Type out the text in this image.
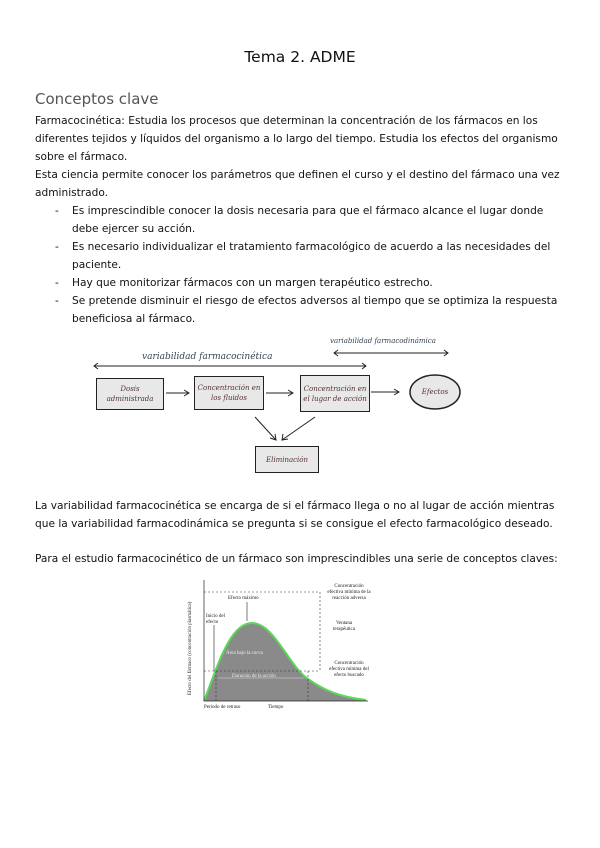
Tema 2. ADME
Conceptos clave
Farmacocinética: Estudia los procesos que determinan la concentración de los fármacos en los diferentes tejidos y líquidos del organismo a lo largo del tiempo. Estudia los efectos del organismo sobre el fármaco.
Esta ciencia permite conocer los parámetros que definen el curso y el destino del fármaco una vez administrado.
-	Es imprescindible conocer la dosis necesaria para que el fármaco alcance el lugar donde debe ejercer su acción.
-	Es necesario individualizar el tratamiento farmacológico de acuerdo a las necesidades del paciente.
-	Hay que monitorizar fármacos con un margen terapéutico estrecho.
-	Se pretende disminuir el riesgo de efectos adversos al tiempo que se optimiza la respuesta beneficiosa al fármaco.
variabilidad farmacocinética
variabilidad farmacodinámica
Dosis administrada
Concentración en los fluidos
Concentración en el lugar de acción
Efectos
Eliminación
La variabilidad farmacocinética se encarga de si el fármaco llega o no al lugar de acción mientras que la variabilidad farmacodinámica se pregunta si se consigue el efecto farmacológico deseado.
Para el estudio farmacocinético de un fármaco son imprescindibles una serie de conceptos claves:
Efecto del fármaco (concentración plasmática)
Periodo de retraso	Tiempo
Concentración efectiva mínima de la reacción adversa
Efecto máximo
Inicio del efecto	Ventana terapéutica
Área bajo la curva
Concentración efectiva mínima del efecto buscado
Duración de la acción
